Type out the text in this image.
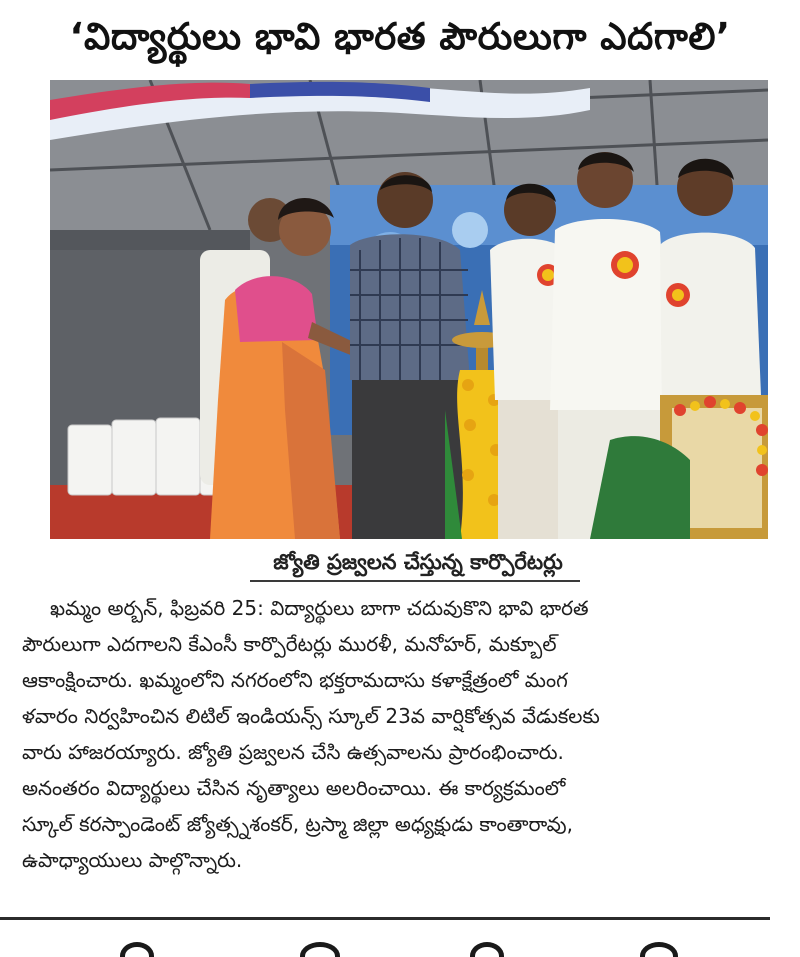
‘విద్యార్థులు భావి భారత పౌరులుగా ఎదగాలి’
జ్యోతి ప్రజ్వలన చేస్తున్న కార్పొరేటర్లు
ఖమ్మం అర్బన్‌, ఫిబ్రవరి 25: విద్యార్థులు బాగా చదువుకొని భావి భారత
పౌరులుగా ఎదగాలని కేఎంసీ కార్పొరేటర్లు మురళీ, మనోహర్‌, మక్బూల్‌
ఆకాంక్షించారు. ఖమ్మంలోని నగరంలోని భక్తరామదాసు కళాక్షేత్రంలో మంగ
ళవారం నిర్వహించిన లిటిల్‌ ఇండియన్స్‌ స్కూల్‌ 23వ వార్షికోత్సవ వేడుకలకు
వారు హాజరయ్యారు. జ్యోతి ప్రజ్వలన చేసి ఉత్సవాలను ప్రారంభించారు.
అనంతరం విద్యార్థులు చేసిన నృత్యాలు అలరించాయి. ఈ కార్యక్రమంలో
స్కూల్‌ కరస్పాండెంట్‌ జ్యోత్స్నశంకర్‌, ట్రస్మా జిల్లా అధ్యక్షుడు కాంతారావు,
ఉపాధ్యాయులు పాల్గొన్నారు.
